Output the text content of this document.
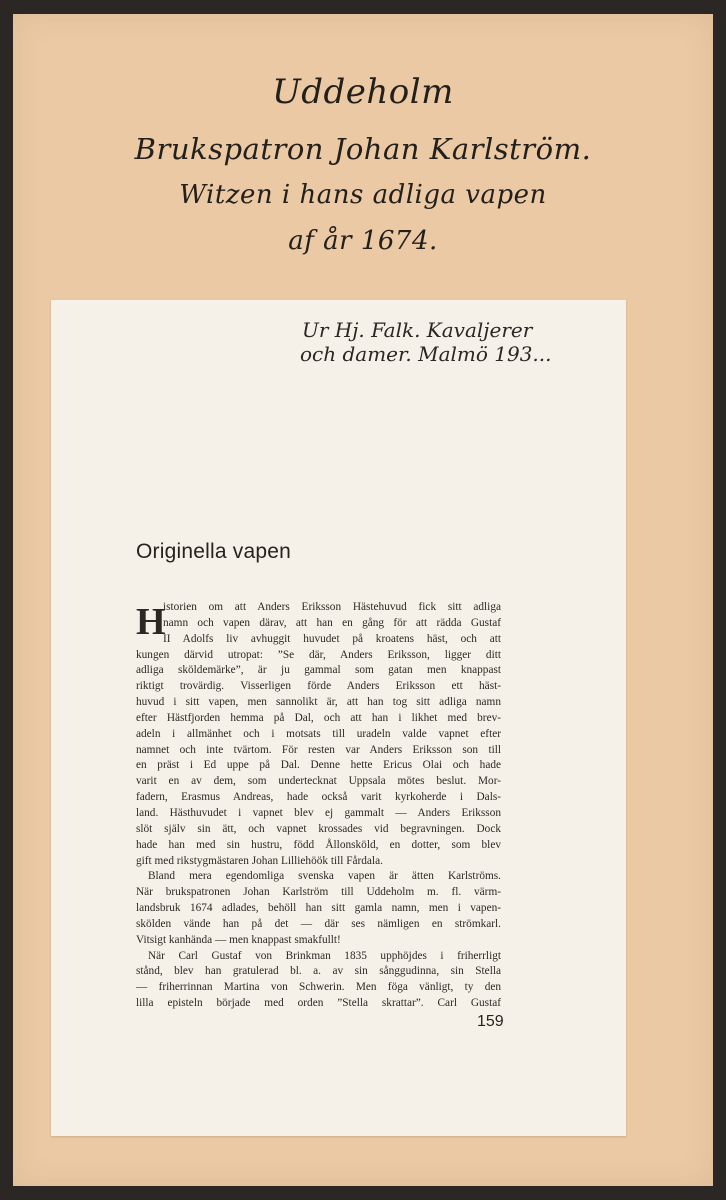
Uddeholm
Brukspatron Johan Karlström.
Witzen i hans adliga vapen
af år 1674.
Ur Hj. Falk. Kavaljerer
och damer. Malmö 193...
Originella vapen
H
istorien om att Anders Eriksson Hästehuvud fick sitt adliga
namn och vapen därav, att han en gång för att rädda Gustaf
II Adolfs liv avhuggit huvudet på kroatens häst, och att
kungen därvid utropat: ”Se där, Anders Eriksson, ligger ditt
adliga sköldemärke”, är ju gammal som gatan men knappast
riktigt trovärdig. Visserligen förde Anders Eriksson ett häst-
huvud i sitt vapen, men sannolikt är, att han tog sitt adliga namn
efter Hästfjorden hemma på Dal, och att han i likhet med brev-
adeln i allmänhet och i motsats till uradeln valde vapnet efter
namnet och inte tvärtom. För resten var Anders Eriksson son till
en präst i Ed uppe på Dal. Denne hette Ericus Olai och hade
varit en av dem, som undertecknat Uppsala mötes beslut. Mor-
fadern, Erasmus Andreas, hade också varit kyrkoherde i Dals-
land. Hästhuvudet i vapnet blev ej gammalt — Anders Eriksson
slöt själv sin ätt, och vapnet krossades vid begravningen. Dock
hade han med sin hustru, född Ållonsköld, en dotter, som blev
gift med rikstygmästaren Johan Lilliehöök till Fårdala.
Bland mera egendomliga svenska vapen är ätten Karlströms.
När brukspatronen Johan Karlström till Uddeholm m. fl. värm-
landsbruk 1674 adlades, behöll han sitt gamla namn, men i vapen-
skölden vände han på det — där ses nämligen en strömkarl.
Vitsigt kanhända — men knappast smakfullt!
När Carl Gustaf von Brinkman 1835 upphöjdes i friherrligt
stånd, blev han gratulerad bl. a. av sin sånggudinna, sin Stella
— friherrinnan Martina von Schwerin. Men föga vänligt, ty den
lilla episteln började med orden ”Stella skrattar”. Carl Gustaf
159
